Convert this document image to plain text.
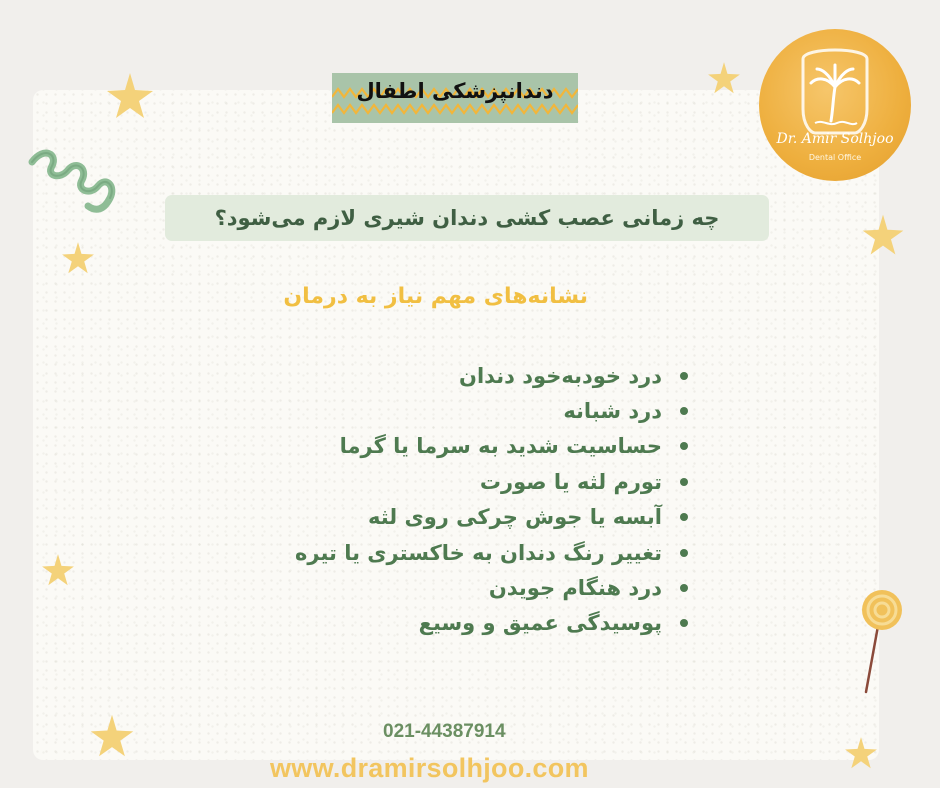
دندانپزشکی اطفال
چه زمانی عصب کشی دندان شیری لازم می‌شود؟
نشانه‌های مهم نیاز به درمان
درد خودبه‌خود دندان
درد شبانه
حساسیت شدید به سرما یا گرما
تورم لثه یا صورت
آبسه یا جوش چرکی روی لثه
تغییر رنگ دندان به خاکستری یا تیره
درد هنگام جویدن
پوسیدگی عمیق و وسیع
021-44387914
www.dramirsolhjoo.com
Dr. Amir Solhjoo
Dental Office
